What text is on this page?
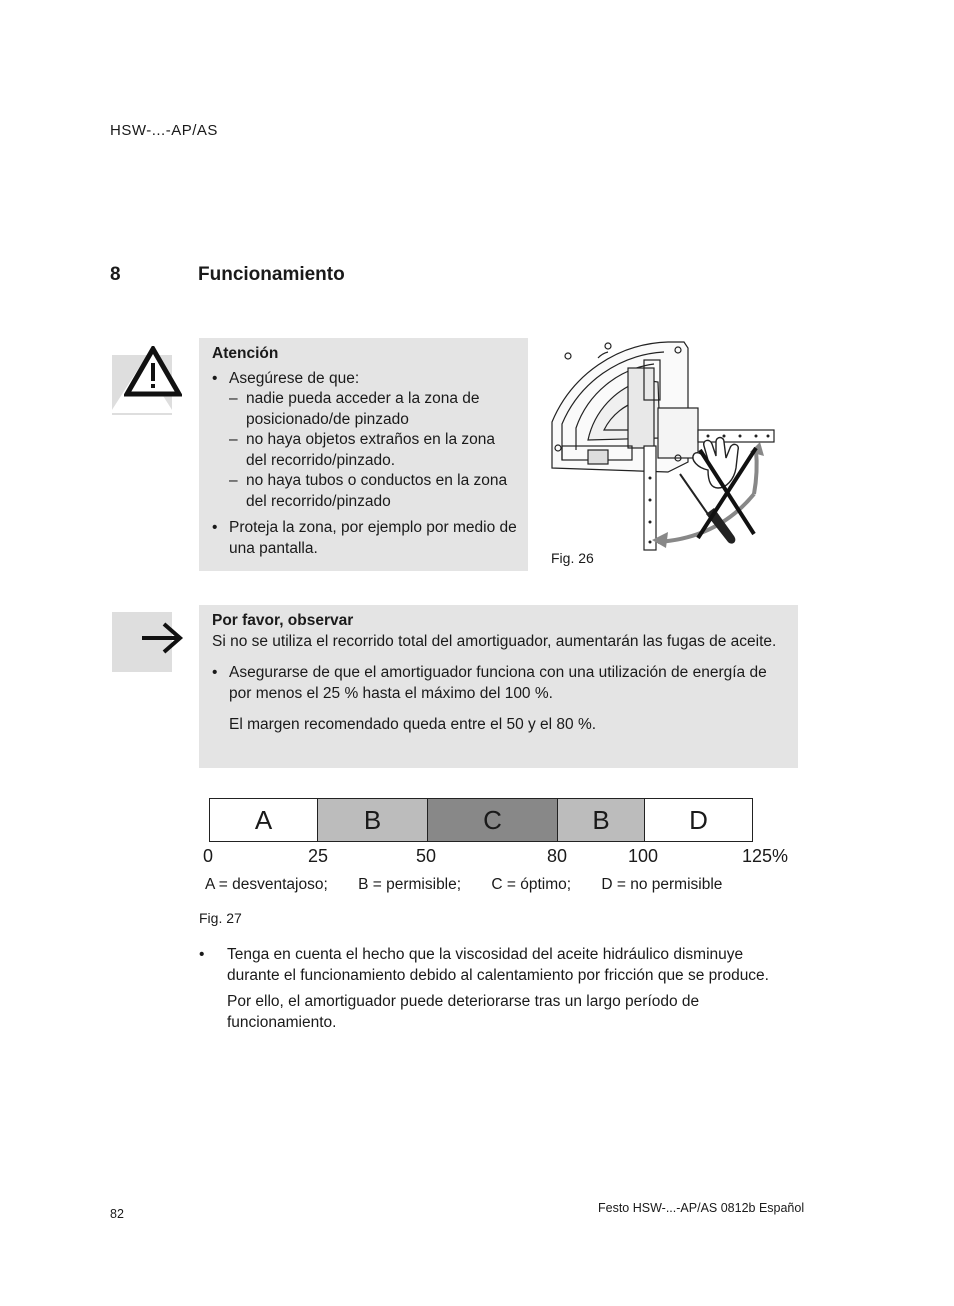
HSW-...-AP/AS
8	Funcionamiento
Atención
• Asegúrese de que:
– nadie pueda acceder a la zona de posicionado/de pinzado
– no haya objetos extraños en la zona del recorrido/pinzado.
– no haya tubos o conductos en la zona del recorrido/pinzado
• Proteja la zona, por ejemplo por medio de una pantalla.
Fig. 26
Por favor, observar
Si no se utiliza el recorrido total del amortiguador, aumentarán las fugas de aceite.
• Asegurarse de que el amortiguador funciona con una utilización de energía de por menos el 25 % hasta el máximo del 100 %.
El margen recomendado queda entre el 50 y el 80 %.
A	B	C	B	D
0	25	50	80	100	125%
A = desventajoso; B = permisible; C = óptimo; D = no permisible
Fig. 27
• Tenga en cuenta el hecho que la viscosidad del aceite hidráulico disminuye durante el funcionamiento debido al calentamiento por fricción que se produce.
Por ello, el amortiguador puede deteriorarse tras un largo período de funcionamiento.
82	Festo HSW-...-AP/AS 0812b Español
